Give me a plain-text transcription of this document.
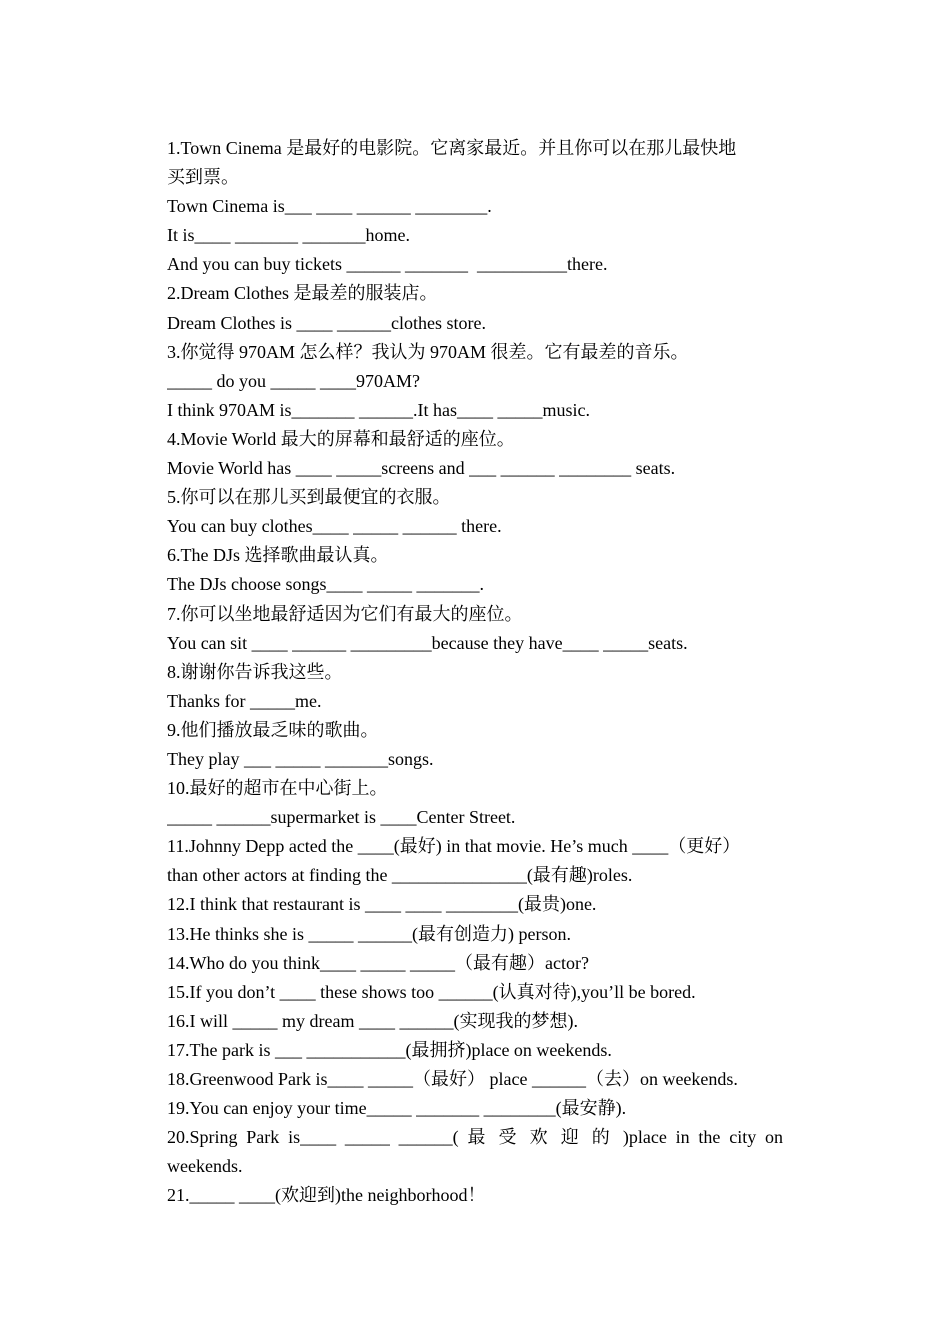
1.Town Cinema 是最好的电影院。它离家最近。并且你可以在那儿最快地
买到票。
Town Cinema is___ ____ ______ ________.
It is____ _______ _______home.
And you can buy tickets ______ _______  __________there.
2.Dream Clothes 是最差的服装店。
Dream Clothes is ____ ______clothes store.
3.你觉得 970AM 怎么样？我认为 970AM 很差。它有最差的音乐。
_____ do you _____ ____970AM?
I think 970AM is_______ ______.It has____ _____music.
4.Movie World 最大的屏幕和最舒适的座位。
Movie World has ____ _____screens and ___ ______ ________ seats.
5.你可以在那儿买到最便宜的衣服。
You can buy clothes____ _____ ______ there.
6.The DJs 选择歌曲最认真。
The DJs choose songs____ _____ _______.
7.你可以坐地最舒适因为它们有最大的座位。
You can sit ____ ______ _________because they have____ _____seats.
8.谢谢你告诉我这些。
Thanks for _____me.
9.他们播放最乏味的歌曲。
They play ___ _____ _______songs.
10.最好的超市在中心街上。
_____ ______supermarket is ____Center Street.
11.Johnny Depp acted the ____(最好) in that movie. He’s much ____（更好）
than other actors at finding the _______________(最有趣)roles.
12.I think that restaurant is ____ ____ ________(最贵)one.
13.He thinks she is _____ ______(最有创造力) person.
14.Who do you think____ _____ _____（最有趣）actor?
15.If you don’t ____ these shows too ______(认真对待),you’ll be bored.
16.I will _____ my dream ____ ______(实现我的梦想).
17.The park is ___ ___________(最拥挤)place on weekends.
18.Greenwood Park is____ _____（最好） place ______（去）on weekends.
19.You can enjoy your time_____ _______ ________(最安静).
20.Spring Park is____ _____ ______( 最 受 欢 迎 的 )place in the city on
weekends.
21._____ ____(欢迎到)the neighborhood！
